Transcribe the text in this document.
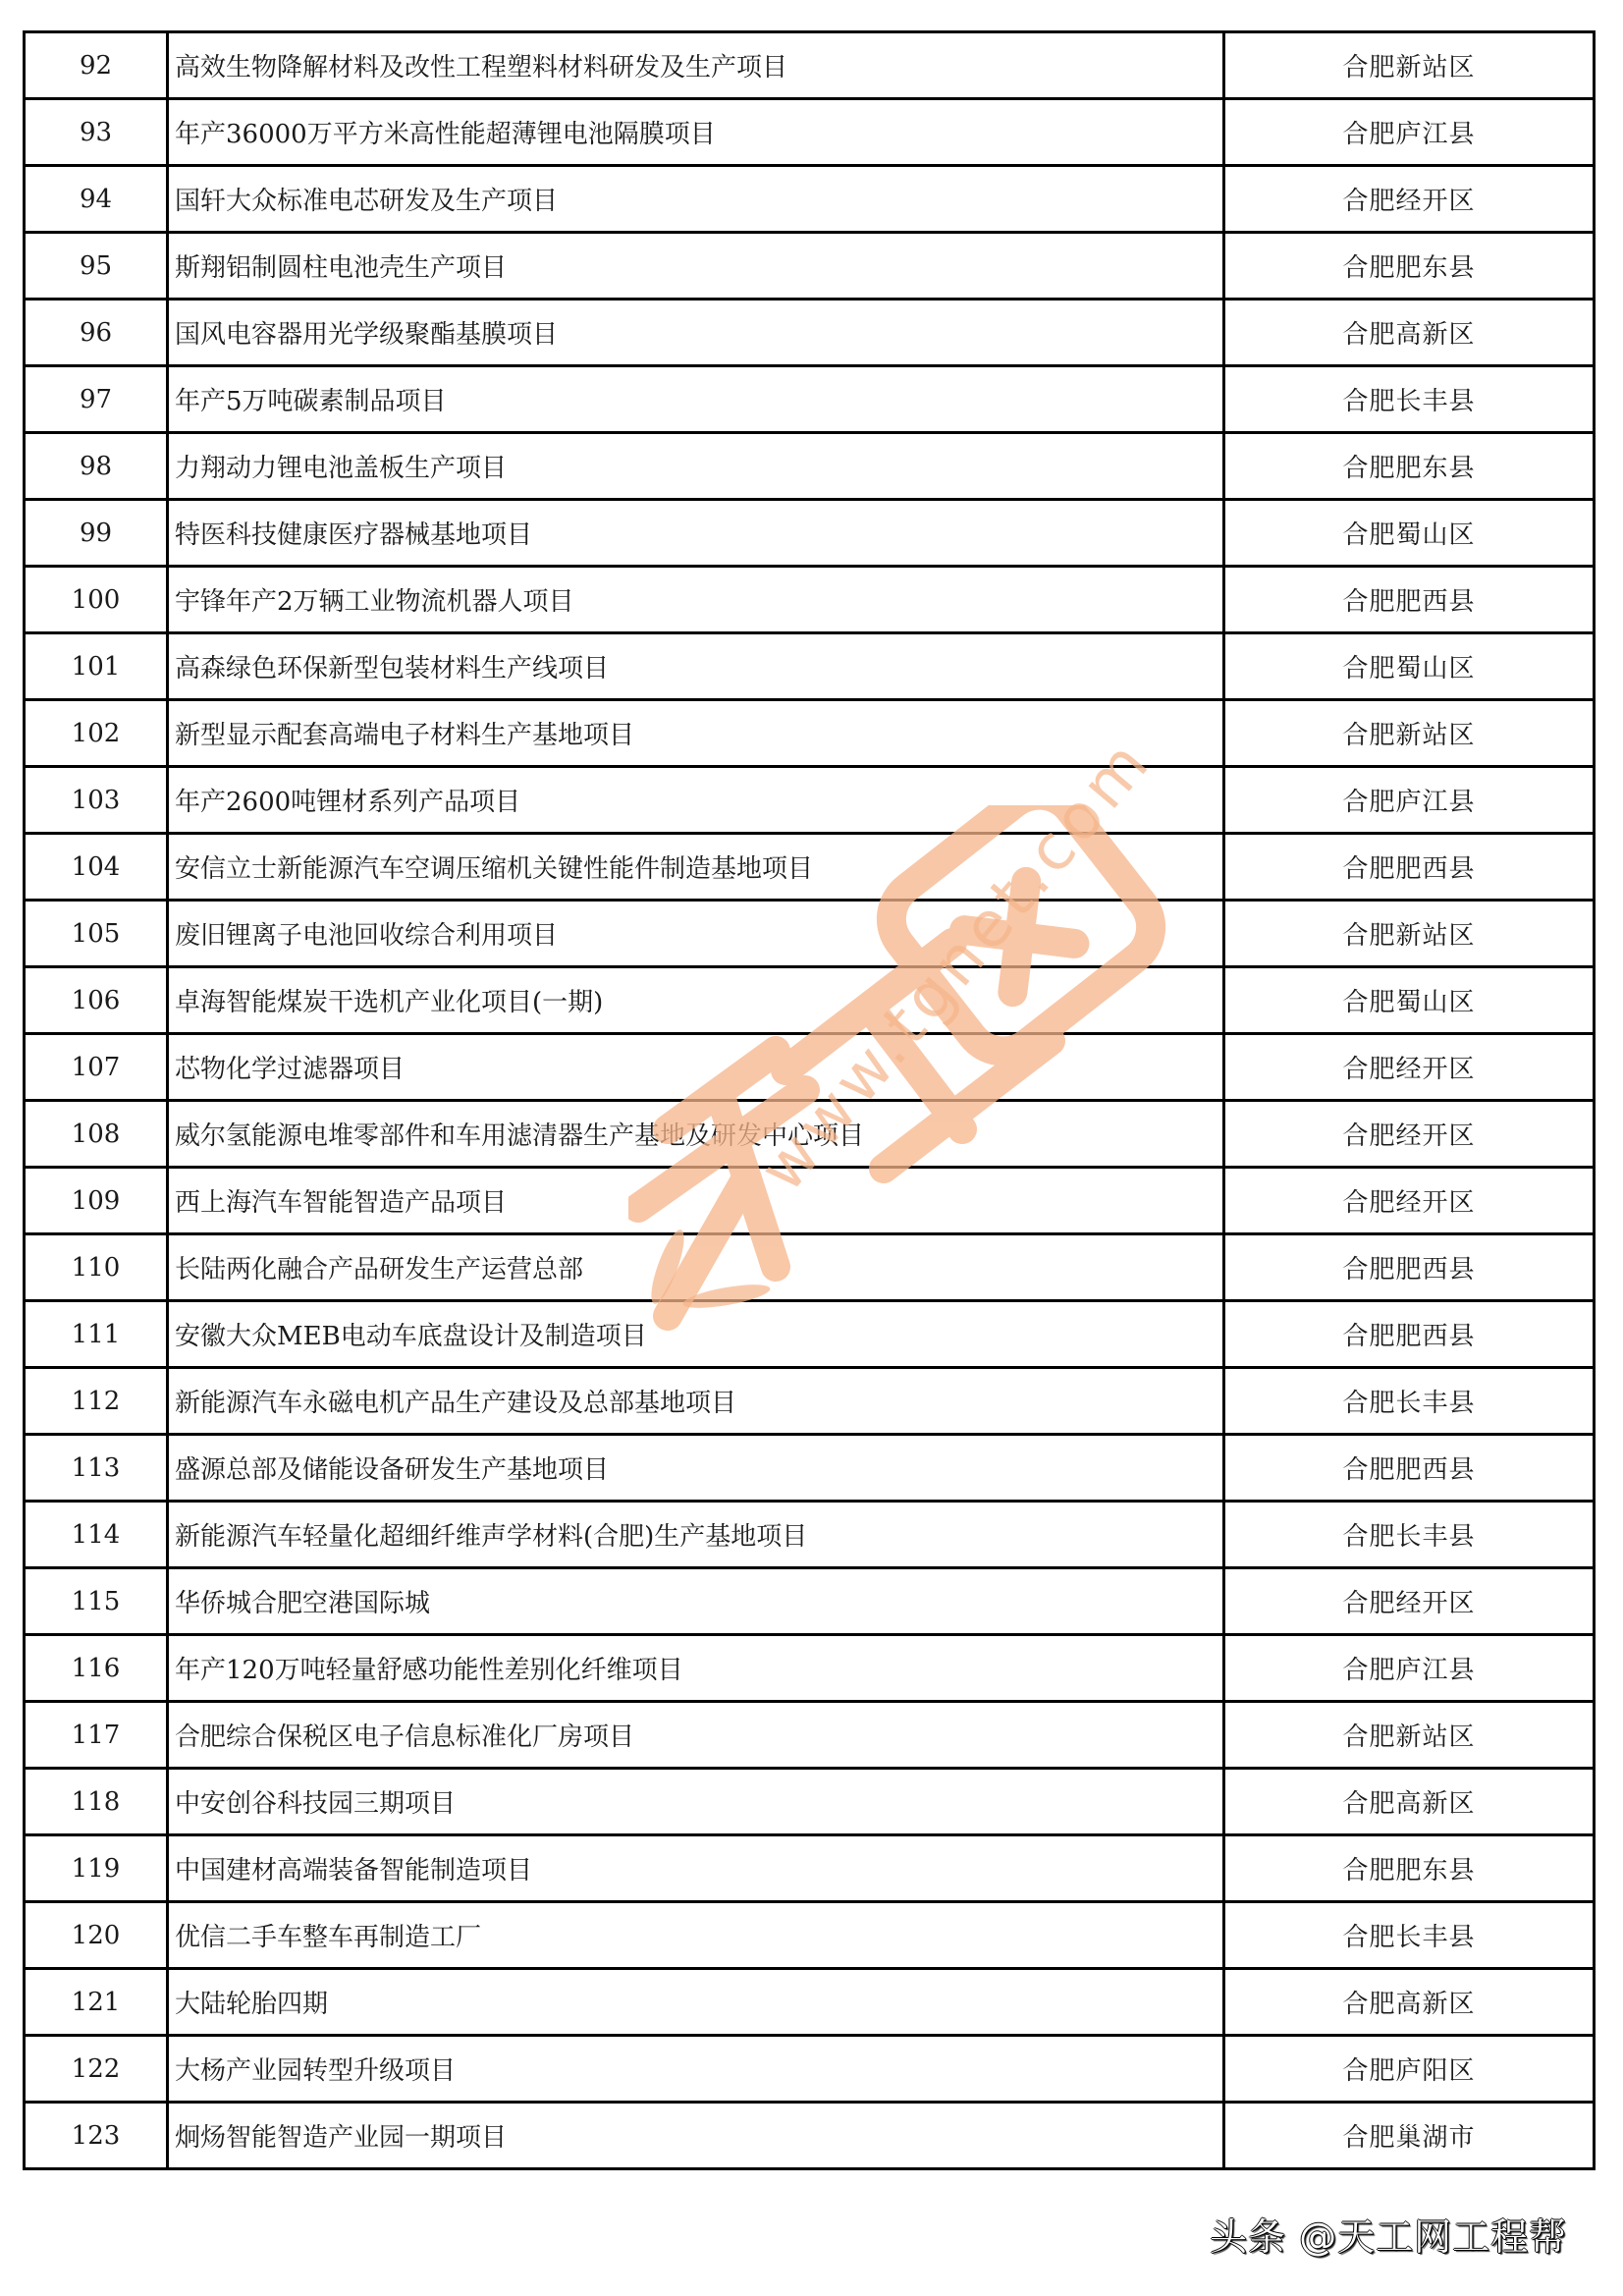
92	高效生物降解材料及改性工程塑料材料研发及生产项目	合肥新站区
93	年产36000万平方米高性能超薄锂电池隔膜项目	合肥庐江县
94	国轩大众标准电芯研发及生产项目	合肥经开区
95	斯翔铝制圆柱电池壳生产项目	合肥肥东县
96	国风电容器用光学级聚酯基膜项目	合肥高新区
97	年产5万吨碳素制品项目	合肥长丰县
98	力翔动力锂电池盖板生产项目	合肥肥东县
99	特医科技健康医疗器械基地项目	合肥蜀山区
100	宇锋年产2万辆工业物流机器人项目	合肥肥西县
101	高森绿色环保新型包装材料生产线项目	合肥蜀山区
102	新型显示配套高端电子材料生产基地项目	合肥新站区
103	年产2600吨锂材系列产品项目	合肥庐江县
104	安信立士新能源汽车空调压缩机关键性能件制造基地项目	合肥肥西县
105	废旧锂离子电池回收综合利用项目	合肥新站区
106	卓海智能煤炭干选机产业化项目(一期)	合肥蜀山区
107	芯物化学过滤器项目	合肥经开区
108	威尔氢能源电堆零部件和车用滤清器生产基地及研发中心项目	合肥经开区
109	西上海汽车智能智造产品项目	合肥经开区
110	长陆两化融合产品研发生产运营总部	合肥肥西县
111	安徽大众MEB电动车底盘设计及制造项目	合肥肥西县
112	新能源汽车永磁电机产品生产建设及总部基地项目	合肥长丰县
113	盛源总部及储能设备研发生产基地项目	合肥肥西县
114	新能源汽车轻量化超细纤维声学材料(合肥)生产基地项目	合肥长丰县
115	华侨城合肥空港国际城	合肥经开区
116	年产120万吨轻量舒感功能性差别化纤维项目	合肥庐江县
117	合肥综合保税区电子信息标准化厂房项目	合肥新站区
118	中安创谷科技园三期项目	合肥高新区
119	中国建材高端装备智能制造项目	合肥肥东县
120	优信二手车整车再制造工厂	合肥长丰县
121	大陆轮胎四期	合肥高新区
122	大杨产业园转型升级项目	合肥庐阳区
123	炯炀智能智造产业园一期项目	合肥巢湖市
www.tgnet.com
头条 @天工网工程帮
